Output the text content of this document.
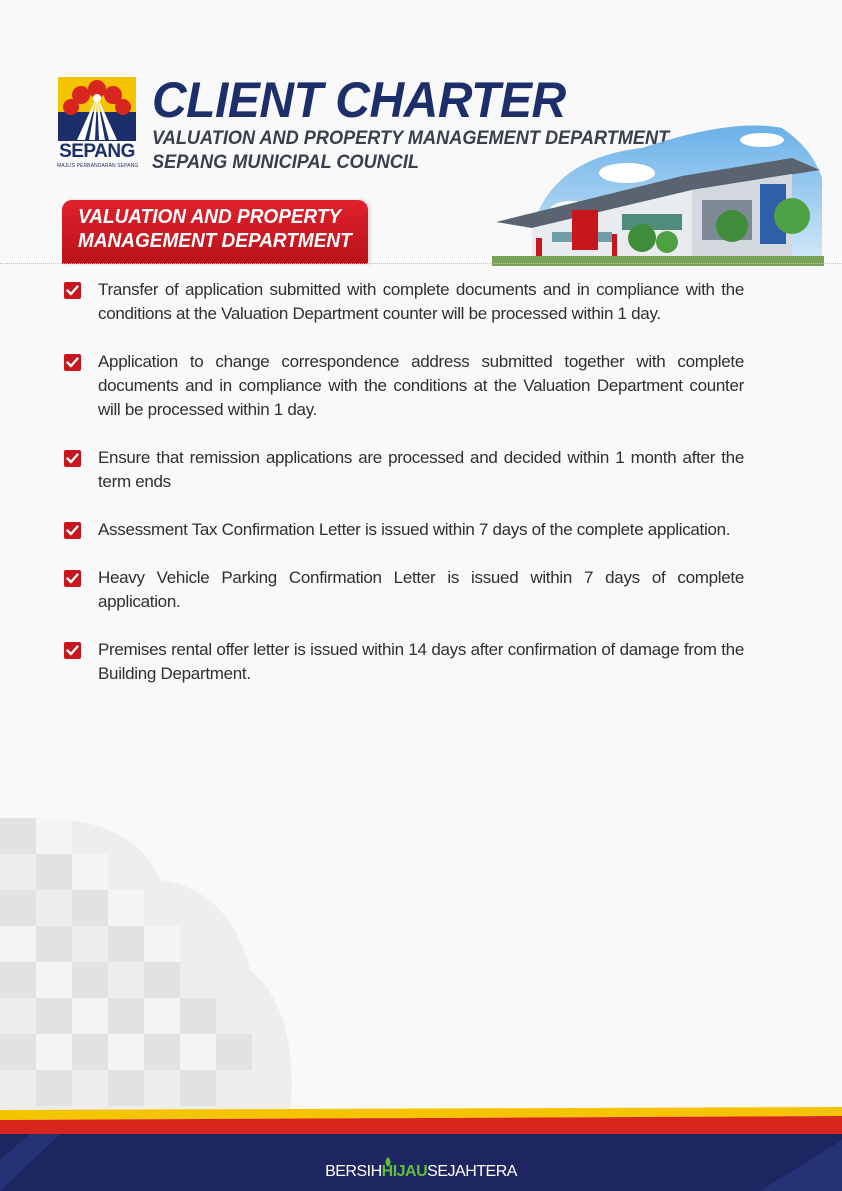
SEPANG
MAJLIS PERBANDARAN SEPANG
CLIENT CHARTER
VALUATION AND PROPERTY MANAGEMENT DEPARTMENT
SEPANG MUNICIPAL COUNCIL
VALUATION AND PROPERTY
MANAGEMENT DEPARTMENT
Transfer of application submitted with complete documents and in compliance with the conditions at the Valuation Department counter will be processed within 1 day.
Application to change correspondence address submitted together with complete documents and in compliance with the conditions at the Valuation Department counter will be processed within 1 day.
Ensure that remission applications are processed and decided within 1 month after the term ends
Assessment Tax Confirmation Letter is issued within 7 days of the complete application.
Heavy Vehicle Parking Confirmation Letter is issued within 7 days of complete application.
Premises rental offer letter is issued within 14 days after confirmation of damage from the Building Department.
BERSIHHIJAUSEJAHTERA
